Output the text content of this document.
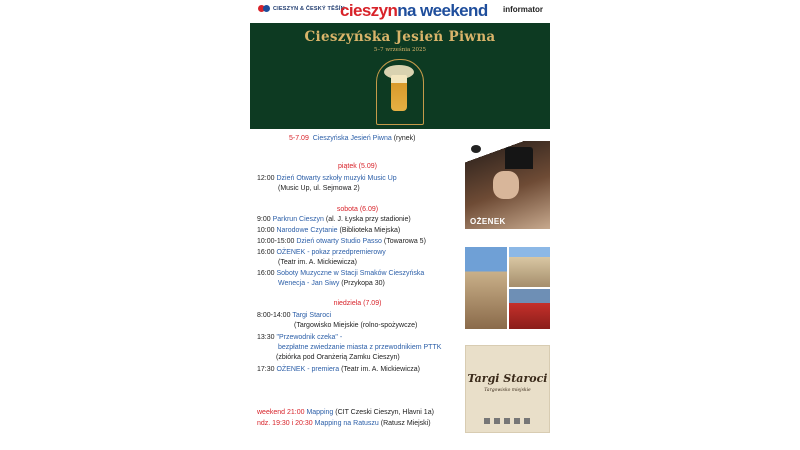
CIESZYN & ČESKÝ TĚŠÍN
cieszynna weekend informator
Cieszyńska Jesień Piwna
5–7 września 2025
5-7.09 Cieszyńska Jesień Piwna (rynek)
piątek (5.09)
12:00 Dzień Otwarty szkoły muzyki Music Up
(Music Up, ul. Sejmowa 2)
sobota (6.09)
9:00 Parkrun Cieszyn (al. J. Łyska przy stadionie)
10:00 Narodowe Czytanie (Biblioteka Miejska)
10:00-15:00 Dzień otwarty Studio Passo (Towarowa 5)
16:00 OŻENEK - pokaz przedpremierowy
(Teatr im. A. Mickiewicza)
16:00 Soboty Muzyczne w Stacji Smaków Cieszyńska
Wenecja - Jan Siwy (Przykopa 30)
niedziela (7.09)
8:00-14:00 Targi Staroci
(Targowisko Miejskie (rolno-spożywcze)
13:30 "Przewodnik czeka" -
bezpłatne zwiedzanie miasta z przewodnikiem PTTK
(zbiórka pod Oranżerią Zamku Cieszyn)
17:30 OŻENEK - premiera (Teatr im. A. Mickiewicza)
weekend 21:00 Mapping (CIT Czeski Cieszyn, Hlavni 1a)
ndz. 19:30 i 20:30 Mapping na Ratuszu (Ratusz Miejski)
OŻENEK
Targi Staroci
Targowisko miejskie
